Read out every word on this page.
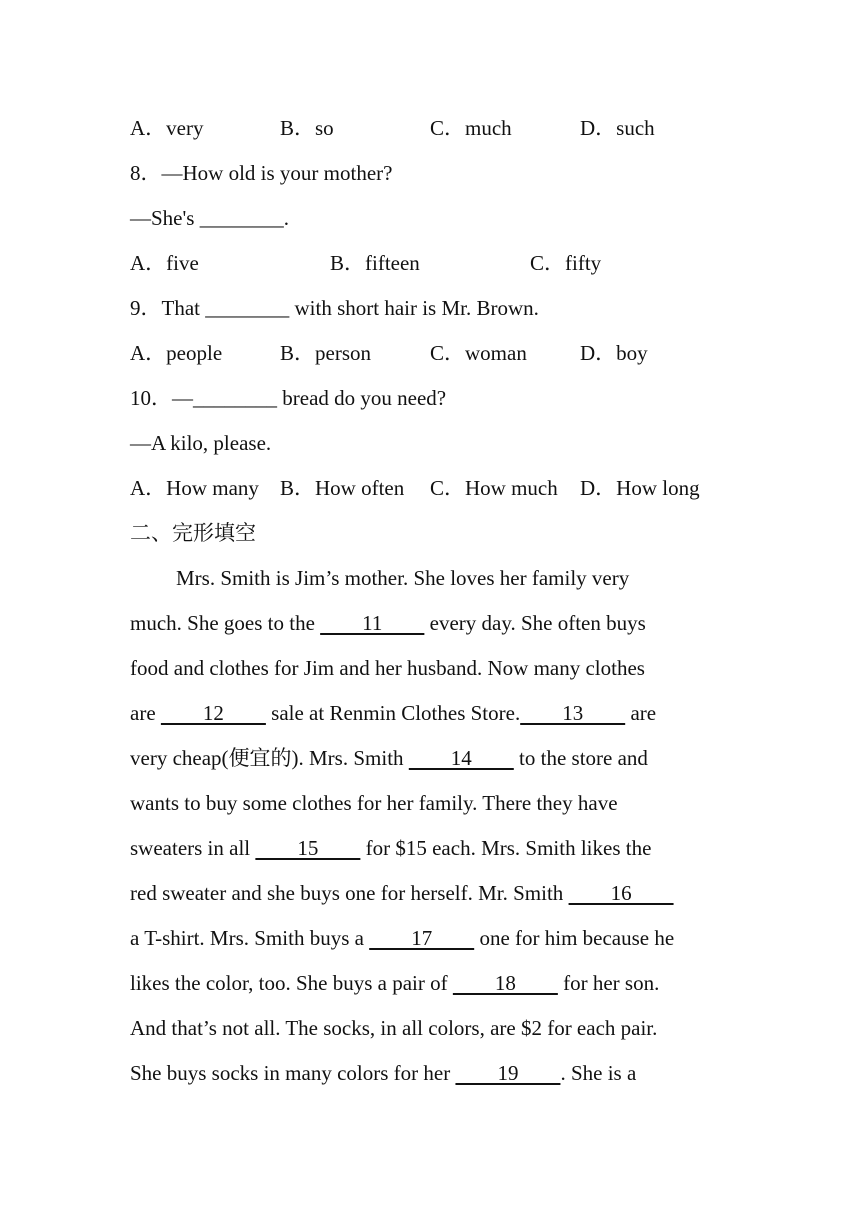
A．very	B．so	C．much	D．such
8．—How old is your mother?
—She's ________.
A．five	B．fifteen	C．fifty
9．That ________ with short hair is Mr. Brown.
A．people	B．person	C．woman	D．boy
10．—________ bread do you need?
—A kilo, please.
A．How many B．How often C．How much D．How long
二、完形填空
Mrs. Smith is Jim’s mother. She loves her family very
much. She goes to the         11         every day. She often buys
food and clothes for Jim and her husband. Now many clothes
are         12         sale at Renmin Clothes Store.        13         are
very cheap(便宜的). Mrs. Smith         14         to the store and
wants to buy some clothes for her family. There they have
sweaters in all         15         for $15 each. Mrs. Smith likes the
red sweater and she buys one for herself. Mr. Smith         16
a T-shirt. Mrs. Smith buys a         17         one for him because he
likes the color, too. She buys a pair of         18         for her son.
And that’s not all. The socks, in all colors, are $2 for each pair.
She buys socks in many colors for her         19        . She is a
